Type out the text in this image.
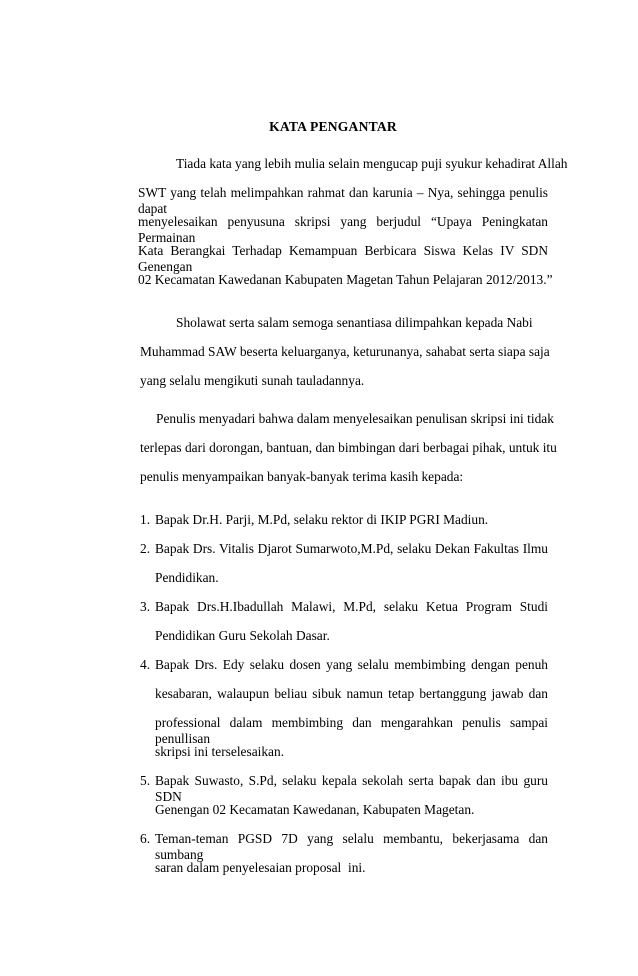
KATA PENGANTAR
Tiada kata yang lebih mulia selain mengucap puji syukur kehadirat Allah
SWT yang telah melimpahkan rahmat dan karunia – Nya, sehingga penulis dapat
menyelesaikan penyusuna skripsi yang berjudul “Upaya Peningkatan Permainan
Kata Berangkai Terhadap Kemampuan Berbicara Siswa Kelas IV SDN Genengan
02 Kecamatan Kawedanan Kabupaten Magetan Tahun Pelajaran 2012/2013.”
Sholawat serta salam semoga senantiasa dilimpahkan kepada Nabi
Muhammad SAW beserta keluarganya, keturunanya, sahabat serta siapa saja
yang selalu mengikuti sunah tauladannya.
Penulis menyadari bahwa dalam menyelesaikan penulisan skripsi ini tidak
terlepas dari dorongan, bantuan, dan bimbingan dari berbagai pihak, untuk itu
penulis menyampaikan banyak-banyak terima kasih kepada:
1. Bapak Dr.H. Parji, M.Pd, selaku rektor di IKIP PGRI Madiun.
2. Bapak Drs. Vitalis Djarot Sumarwoto,M.Pd, selaku Dekan Fakultas Ilmu
Pendidikan.
3. Bapak Drs.H.Ibadullah Malawi, M.Pd, selaku Ketua Program Studi
Pendidikan Guru Sekolah Dasar.
4. Bapak Drs. Edy selaku dosen yang selalu membimbing dengan penuh
kesabaran, walaupun beliau sibuk namun tetap bertanggung jawab dan
professional dalam membimbing dan mengarahkan penulis sampai penullisan
skripsi ini terselesaikan.
5. Bapak Suwasto, S.Pd, selaku kepala sekolah serta bapak dan ibu guru SDN
Genengan 02 Kecamatan Kawedanan, Kabupaten Magetan.
6. Teman-teman PGSD 7D yang selalu membantu, bekerjasama dan sumbang
saran dalam penyelesaian proposal  ini.
